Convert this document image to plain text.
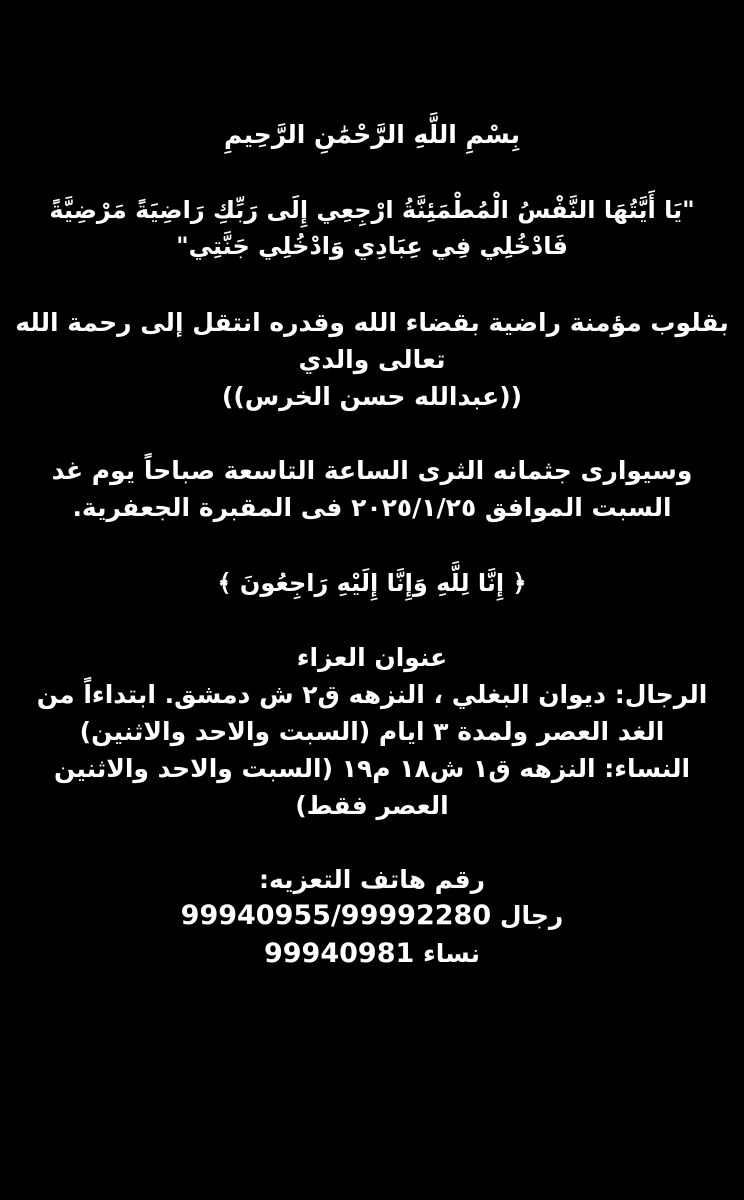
بِسْمِ اللَّهِ الرَّحْمَٰنِ الرَّحِيمِ
"يَا أَيَّتُهَا النَّفْسُ الْمُطْمَئِنَّةُ ارْجِعِي إِلَى رَبِّكِ رَاضِيَةً مَرْضِيَّةً
فَادْخُلِي فِي عِبَادِي وَادْخُلِي جَنَّتِي"
بقلوب مؤمنة راضية بقضاء الله وقدره انتقل إلى رحمة الله
تعالى والدي
((عبدالله حسن الخرس))
وسيوارى جثمانه الثرى الساعة التاسعة صباحاً يوم غد
السبت الموافق ٢٠٢٥/١/٢٥ فى المقبرة الجعفرية.
﴿ إِنَّا لِلَّهِ وَإِنَّا إِلَيْهِ رَاجِعُونَ ﴾
عنوان العزاء
الرجال: ديوان البغلي ، النزهه ق٢ ش دمشق. ابتداءاً من
الغد العصر ولمدة ٣ ايام (السبت والاحد والاثنين)
النساء: النزهه ق١ ش١٨ م١٩ (السبت والاحد والاثنين
العصر فقط)
رقم هاتف التعزيه:
رجال 99940955/99992280
نساء 99940981
